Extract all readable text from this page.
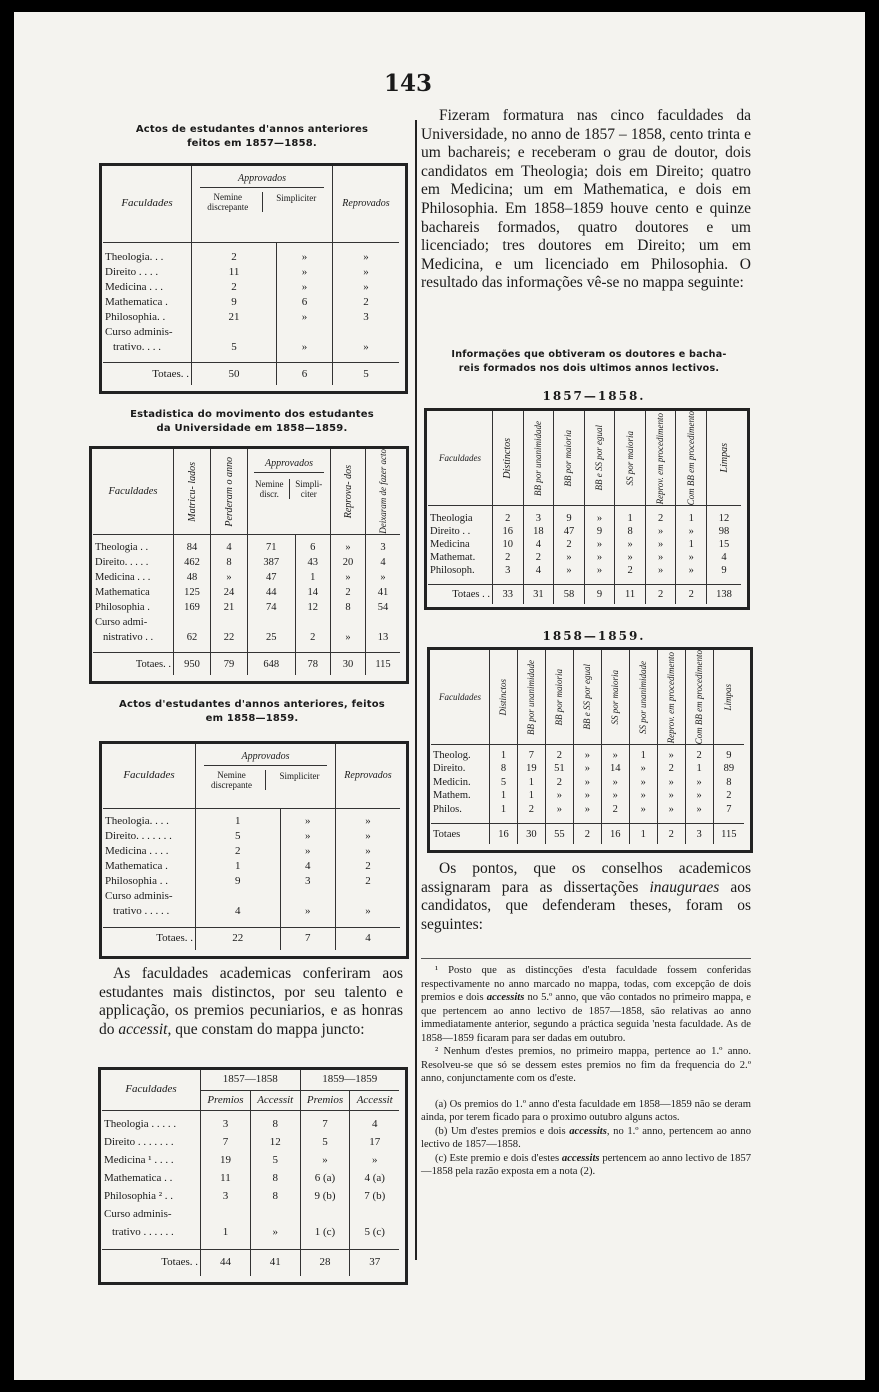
143
Actos de estudantes d'annos anteriores
feitos em 1857—1858.
Faculdades	Approvados
Nemine discrepante
Simpliciter		Reprovados

Theologia. . .	2	»	»
Direito . . . .	11	»	»
Medicina . . .	2	»	»
Mathematica .	9	6	2
Philosophia. .	21	»	3
Curso adminis-			
trativo. . . .	5	»	»

Totaes. .	50	6	5
Estadistica do movimento dos estudantes
da Universidade em 1858—1859.
Faculdades	Matricu- lados	Perderam o anno	Approvados
Nemine discr.
Simpli- citer		Reprova- dos	Deixaram de fazer acto

Theologia . .	84	4	71	6	»	3
Direito. . . . .	462	8	387	43	20	4
Medicina . . .	48	»	47	1	»	»
Mathematica	125	24	44	14	2	41
Philosophia .	169	21	74	12	8	54
Curso admi-						
nistrativo . .	62	22	25	2	»	13

Totaes. .	950	79	648	78	30	115
Actos d'estudantes d'annos anteriores, feitos
em 1858—1859.
Faculdades	Approvados
Nemine discrepante
Simpliciter		Reprovados

Theologia. . . .	1	»	»
Direito. . . . . . .	5	»	»
Medicina . . . .	2	»	»
Mathematica .	1	4	2
Philosophia . .	9	3	2
Curso adminis-			
trativo . . . . .	4	»	»

Totaes. .	22	7	4
As faculdades academicas conferiram aos estudantes mais distinctos, por seu talento e applicação, os premios pecuniarios, e as honras do accessit, que constam do mappa juncto:
Faculdades	1857—1858		1859—1859	
	Premios	Accessit	Premios	Accessit

Theologia . . . . .	3	8	7	4
Direito . . . . . . .	7	12	5	17
Medicina ¹ . . . .	19	5	»	»
Mathematica . .	11	8	6 (a)	4 (a)
Philosophia ² . .	3	8	9 (b)	7 (b)
Curso adminis-				
trativo . . . . . .	1	»	1 (c)	5 (c)

Totaes. .	44	41	28	37
Fizeram formatura nas cinco faculdades da Universidade, no anno de 1857 – 1858, cento trinta e um bachareis; e receberam o grau de doutor, dois candidatos em Theologia; dois em Direito; quatro em Medicina; um em Mathematica, e dois em Philosophia. Em 1858–1859 houve cento e quinze bachareis formados, quatro doutores e um licenciado; tres doutores em Direito; um em Medicina, e um licenciado em Philosophia. O resultado das informações vê-se no mappa seguinte:
Informações que obtiveram os doutores e bacha-
reis formados nos dois ultimos annos lectivos.
1857—1858.
Faculdades	Distinctos	BB por unanimidade	BB por maioria	BB e SS por egual	SS por maioria	Reprov. em procedimento	Com BB em procedimento	Limpas

Theologia	2	3	9	»	1	2	1	12
Direito . .	16	18	47	9	8	»	»	98
Medicina	10	4	2	»	»	»	1	15
Mathemat.	2	2	»	»	»	»	»	4
Philosoph.	3	4	»	»	2	»	»	9

Totaes . .	33	31	58	9	11	2	2	138
1858—1859.
Faculdades	Distinctos	BB por unanimidade	BB por maioria	BB e SS por egual	SS por maioria	SS por unanimidade	Reprov. em procedimento	Com BB em procedimento	Limpas

Theolog.	1	7	2	»	»	1	»	2	9
Direito.	8	19	51	»	14	»	2	1	89
Medicin.	5	1	2	»	»	»	»	»	8
Mathem.	1	1	»	»	»	»	»	»	2
Philos.	1	2	»	»	2	»	»	»	7

Totaes	16	30	55	2	16	1	2	3	115
Os pontos, que os conselhos academicos assignaram para as dissertações inauguraes aos candidatos, que defenderam theses, foram os seguintes:

¹ Posto que as distincções d'esta faculdade fossem conferidas respectivamente no anno marcado no mappa, todas, com excepção de dois premios e dois accessits no 5.º anno, que vão contados no primeiro mappa, e que pertencem ao anno lectivo de 1857—1858, são relativas ao anno immediatamente anterior, segundo a práctica seguida 'nesta faculdade. As de 1858—1859 ficaram para ser dadas em outubro.

² Nenhum d'estes premios, no primeiro mappa, pertence ao 1.º anno. Resolveu-se que só se dessem estes premios no fim da frequencia do 2.º anno, conjunctamente com os d'este.

(a) Os premios do 1.º anno d'esta faculdade em 1858—1859 não se deram ainda, por terem ficado para o proximo outubro alguns actos.

(b) Um d'estes premios e dois accessits, no 1.º anno, pertencem ao anno lectivo de 1857—1858.

(c) Este premio e dois d'estes accessits pertencem ao anno lectivo de 1857—1858 pela razão exposta em a nota (2).
